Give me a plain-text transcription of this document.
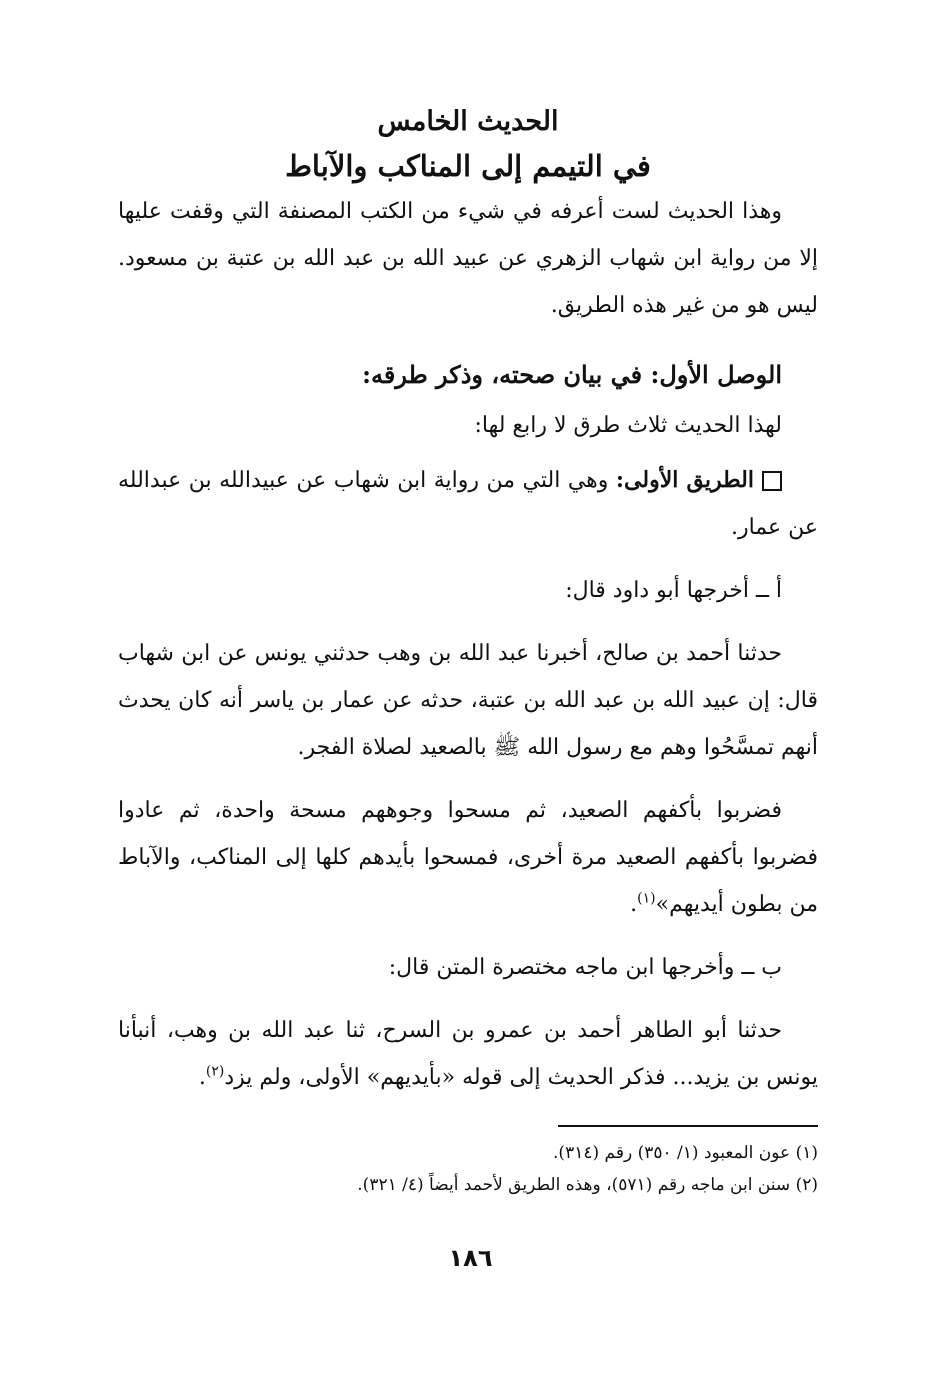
الحديث الخامس
في التيمم إلى المناكب والآباط

وهذا الحديث لست أعرفه في شيء من الكتب المصنفة التي وقفت عليها إلا من رواية ابن شهاب الزهري عن عبيد الله بن عبد الله بن عتبة بن مسعود. ليس هو من غير هذه الطريق.

الوصل الأول: في بيان صحته، وذكر طرقه:

لهذا الحديث ثلاث طرق لا رابع لها:

الطريق الأولى: وهي التي من رواية ابن شهاب عن عبيدالله بن عبدالله عن عمار.

أ ــ أخرجها أبو داود قال:

حدثنا أحمد بن صالح، أخبرنا عبد الله بن وهب حدثني يونس عن ابن شهاب قال: إن عبيد الله بن عبد الله بن عتبة، حدثه عن عمار بن ياسر أنه كان يحدث أنهم تمسَّحُوا وهم مع رسول الله ﷺ بالصعيد لصلاة الفجر.

فضربوا بأكفهم الصعيد، ثم مسحوا وجوههم مسحة واحدة، ثم عادوا فضربوا بأكفهم الصعيد مرة أخرى، فمسحوا بأيدهم كلها إلى المناكب، والآباط من بطون أيديهم»$^{(١)}$.

ب ــ وأخرجها ابن ماجه مختصرة المتن قال:

حدثنا أبو الطاهر أحمد بن عمرو بن السرح، ثنا عبد الله بن وهب، أنبأنا يونس بن يزيد... فذكر الحديث إلى قوله «بأيديهم» الأولى، ولم يزد$^{(٢)}$.

(١) عون المعبود (١/ ٣٥٠) رقم (٣١٤).

(٢) سنن ابن ماجه رقم (٥٧١)، وهذه الطريق لأحمد أيضاً (٤/ ٣٢١).

١٨٦
